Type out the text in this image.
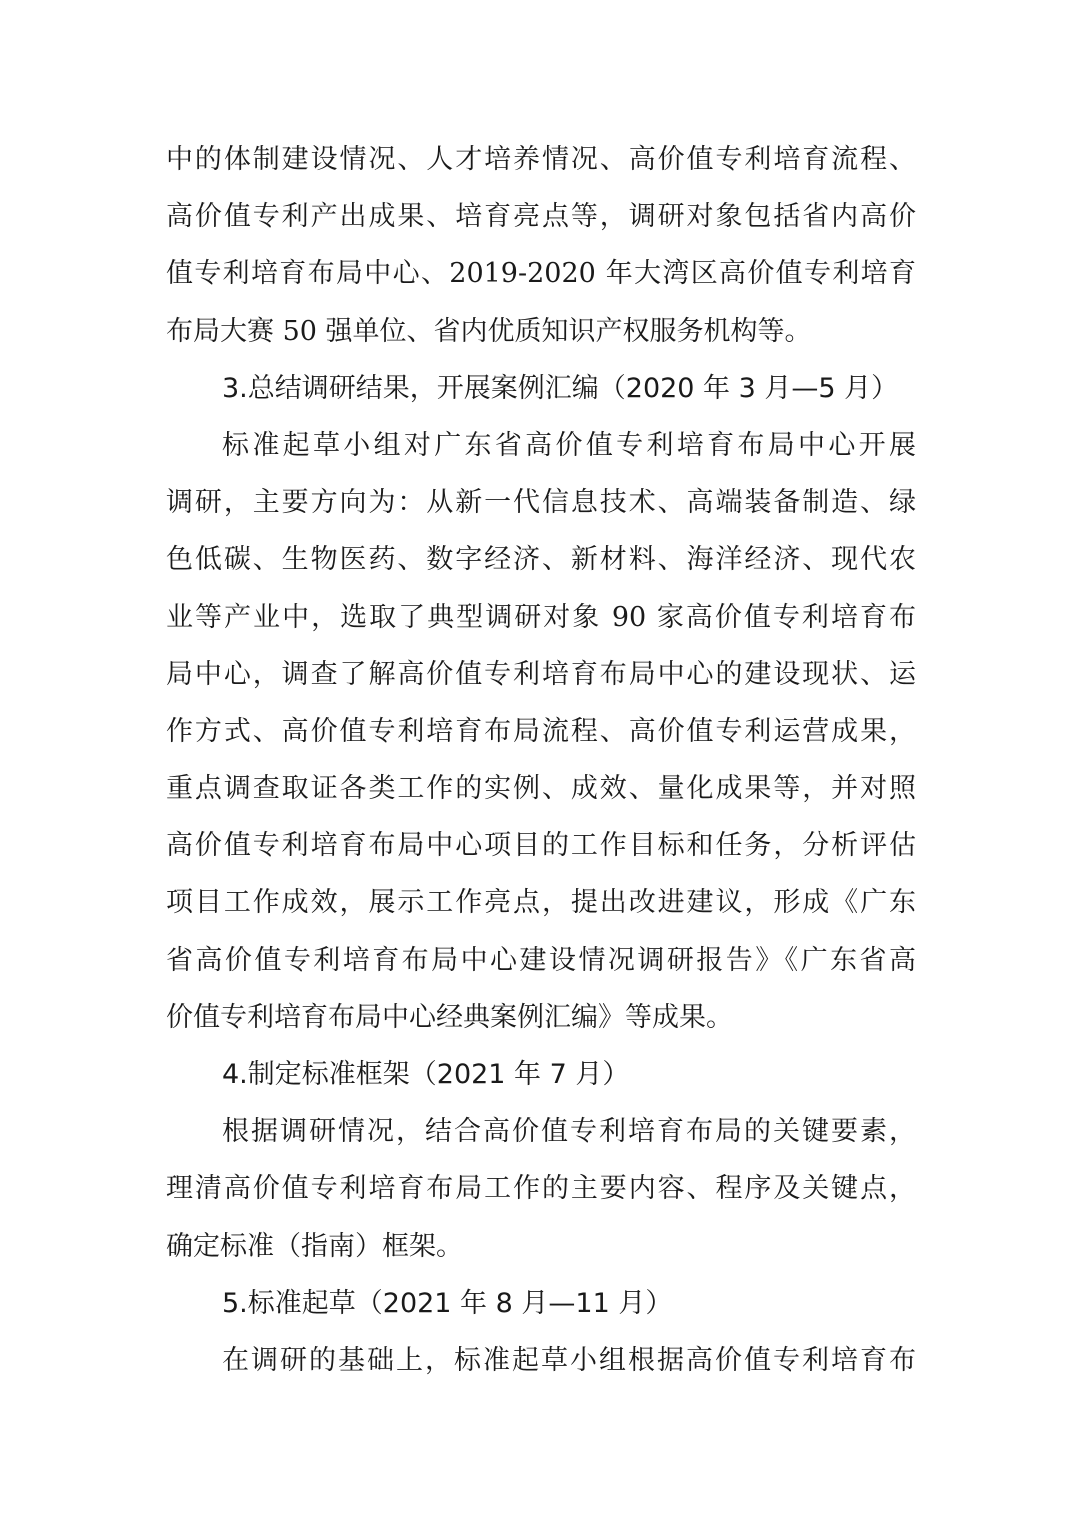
中的体制建设情况、人才培养情况、高价值专利培育流程、
高价值专利产出成果、培育亮点等，调研对象包括省内高价
值专利培育布局中心、2019-2020 年大湾区高价值专利培育
布局大赛 50 强单位、省内优质知识产权服务机构等。
3.总结调研结果，开展案例汇编（2020 年 3 月—5 月）
标准起草小组对广东省高价值专利培育布局中心开展
调研，主要方向为：从新一代信息技术、高端装备制造、绿
色低碳、生物医药、数字经济、新材料、海洋经济、现代农
业等产业中，选取了典型调研对象 90 家高价值专利培育布
局中心，调查了解高价值专利培育布局中心的建设现状、运
作方式、高价值专利培育布局流程、高价值专利运营成果，
重点调查取证各类工作的实例、成效、量化成果等，并对照
高价值专利培育布局中心项目的工作目标和任务，分析评估
项目工作成效，展示工作亮点，提出改进建议，形成《广东
省高价值专利培育布局中心建设情况调研报告》《广东省高
价值专利培育布局中心经典案例汇编》等成果。
4.制定标准框架（2021 年 7 月）
根据调研情况，结合高价值专利培育布局的关键要素，
理清高价值专利培育布局工作的主要内容、程序及关键点，
确定标准（指南）框架。
5.标准起草（2021 年 8 月—11 月）
在调研的基础上，标准起草小组根据高价值专利培育布
